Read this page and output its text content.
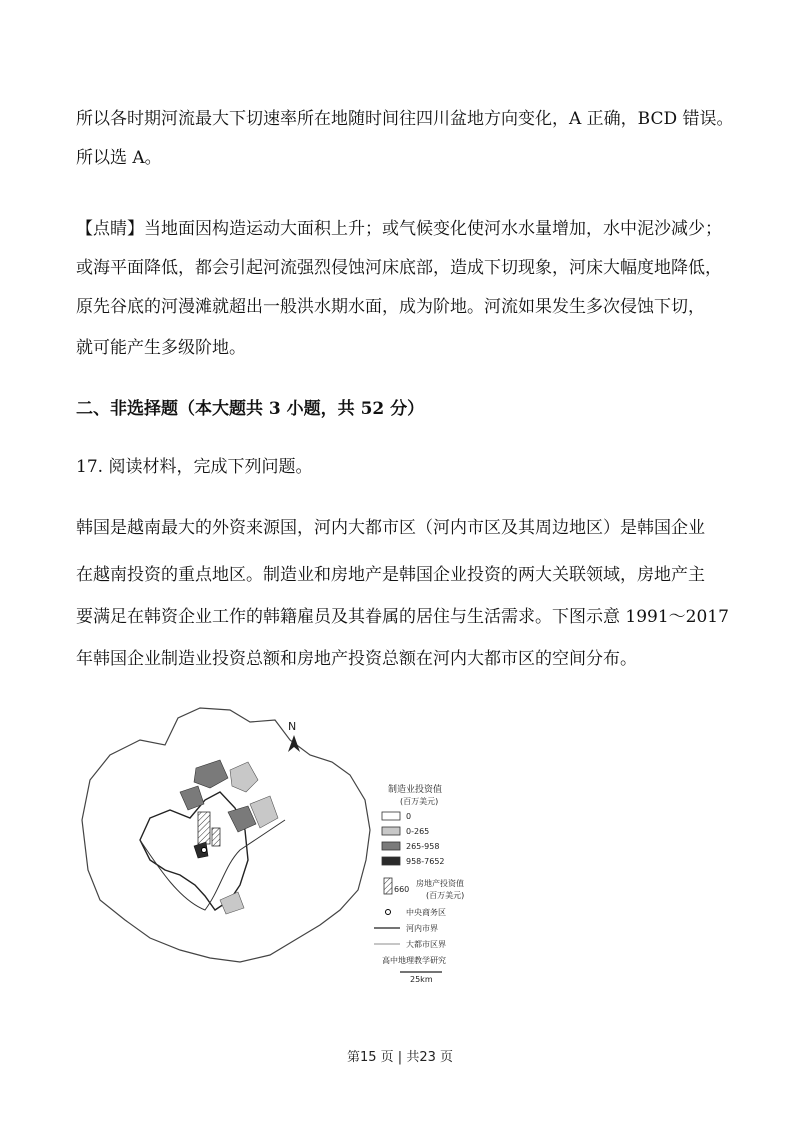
所以各时期河流最大下切速率所在地随时间往四川盆地方向变化，A 正确，BCD 错误。
所以选 A。
【点睛】当地面因构造运动大面积上升；或气候变化使河水水量增加，水中泥沙减少；
或海平面降低，都会引起河流强烈侵蚀河床底部，造成下切现象，河床大幅度地降低，
原先谷底的河漫滩就超出一般洪水期水面，成为阶地。河流如果发生多次侵蚀下切，
就可能产生多级阶地。
二、非选择题（本大题共 3 小题，共 52 分）
17. 阅读材料，完成下列问题。
韩国是越南最大的外资来源国，河内大都市区（河内市区及其周边地区）是韩国企业
在越南投资的重点地区。制造业和房地产是韩国企业投资的两大关联领域，房地产主
要满足在韩资企业工作的韩籍雇员及其眷属的居住与生活需求。下图示意 1991～2017
年韩国企业制造业投资总额和房地产投资总额在河内大都市区的空间分布。
N
制造业投资值
(百万美元)
0
0-265
265-958
958-7652
660
房地产投资值
(百万美元)
中央商务区
河内市界
大都市区界
高中地理教学研究
25km
第15 页 | 共23 页
